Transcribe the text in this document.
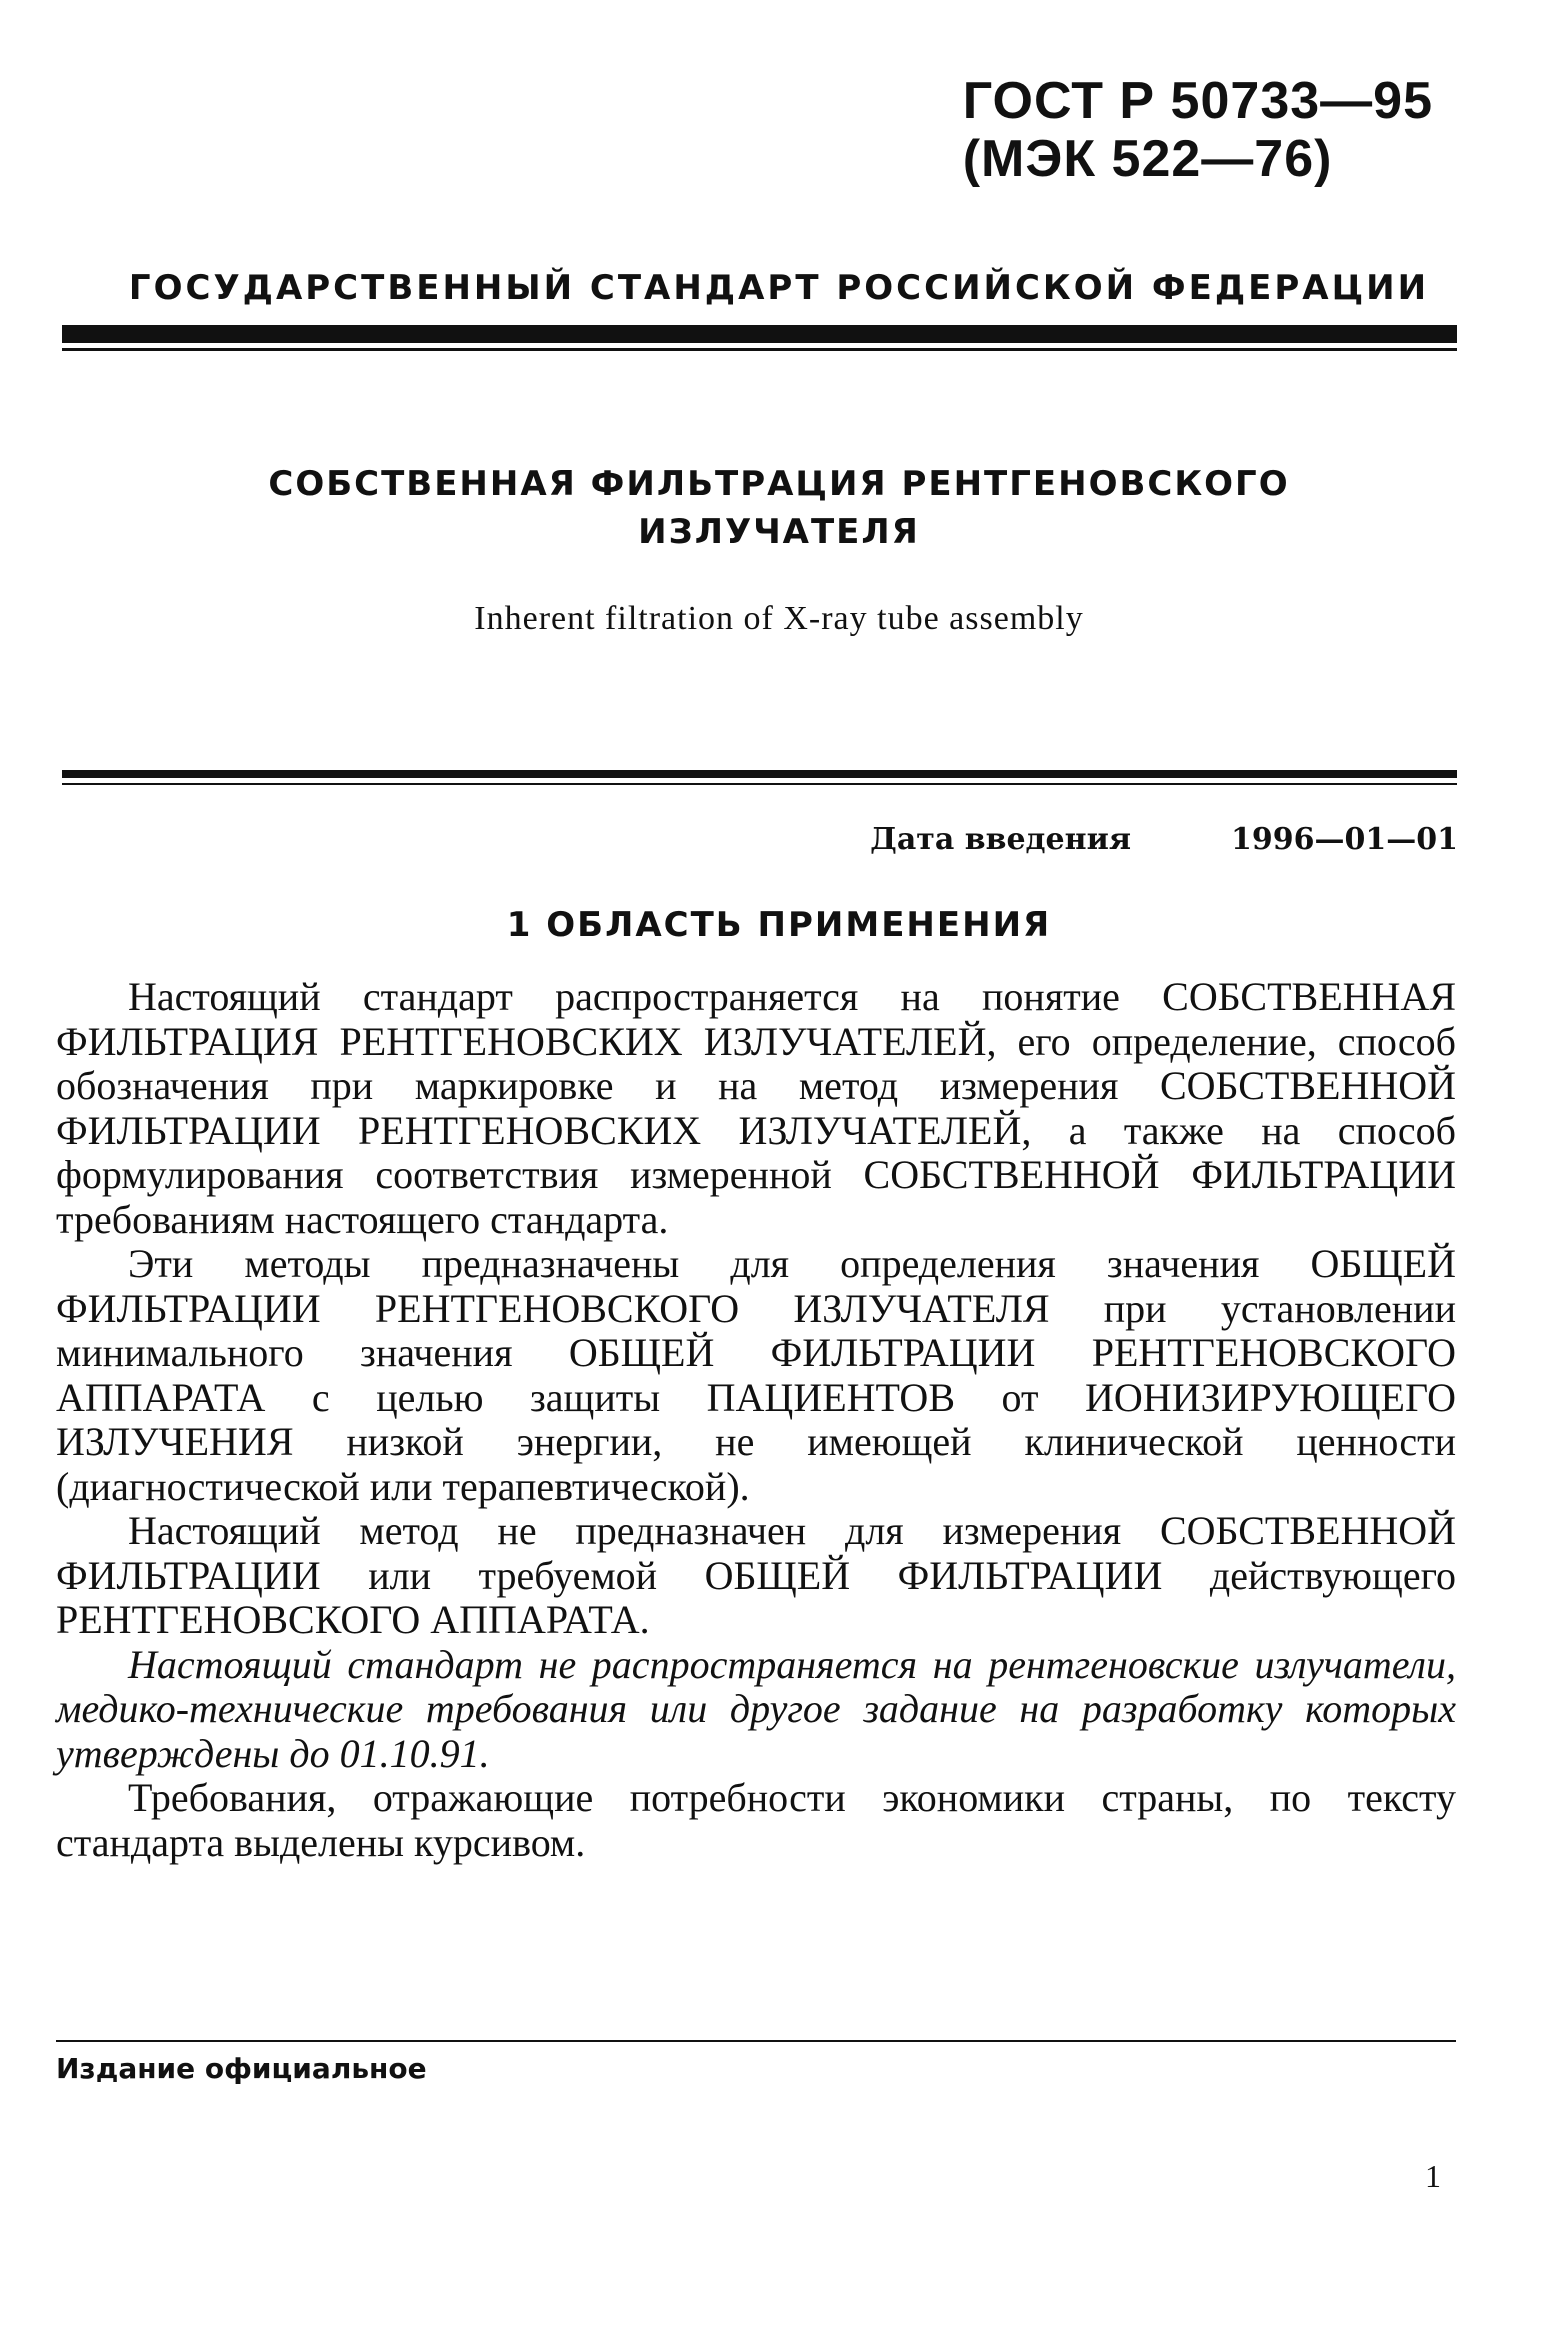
ГОСТ Р 50733—95
(МЭК 522—76)
ГОСУДАРСТВЕННЫЙ СТАНДАРТ РОССИЙСКОЙ ФЕДЕРАЦИИ
СОБСТВЕННАЯ ФИЛЬТРАЦИЯ РЕНТГЕНОВСКОГО
ИЗЛУЧАТЕЛЯ
Inherent filtration of X-ray tube assembly
Дата введения	1996—01—01
1 ОБЛАСТЬ ПРИМЕНЕНИЯ

Настоящий стандарт распространяется на понятие СОБСТВЕННАЯ ФИЛЬТРАЦИЯ РЕНТГЕНОВСКИХ ИЗЛУЧАТЕЛЕЙ, его определение, способ обозначения при маркировке и на метод измерения СОБСТВЕННОЙ ФИЛЬТРАЦИИ РЕНТГЕНОВСКИХ ИЗЛУЧАТЕЛЕЙ, а также на способ формулирования соответствия измеренной СОБСТВЕННОЙ ФИЛЬТРАЦИИ требованиям настоящего стандарта.

Эти методы предназначены для определения значения ОБЩЕЙ ФИЛЬТРАЦИИ РЕНТГЕНОВСКОГО ИЗЛУЧАТЕЛЯ при установлении минимального значения ОБЩЕЙ ФИЛЬТРАЦИИ РЕНТГЕНОВСКОГО АППАРАТА с целью защиты ПАЦИЕНТОВ от ИОНИЗИРУЮЩЕГО ИЗЛУЧЕНИЯ низкой энергии, не имеющей клинической ценности (диагностической или терапевтической).

Настоящий метод не предназначен для измерения СОБСТВЕННОЙ ФИЛЬТРАЦИИ или требуемой ОБЩЕЙ ФИЛЬТРАЦИИ действующего РЕНТГЕНОВСКОГО АППАРАТА.

Настоящий стандарт не распространяется на рентгеновские излучатели, медико-технические требования или другое задание на разработку которых утверждены до 01.10.91.

Требования, отражающие потребности экономики страны, по тексту стандарта выделены курсивом.

Издание официальное
1
